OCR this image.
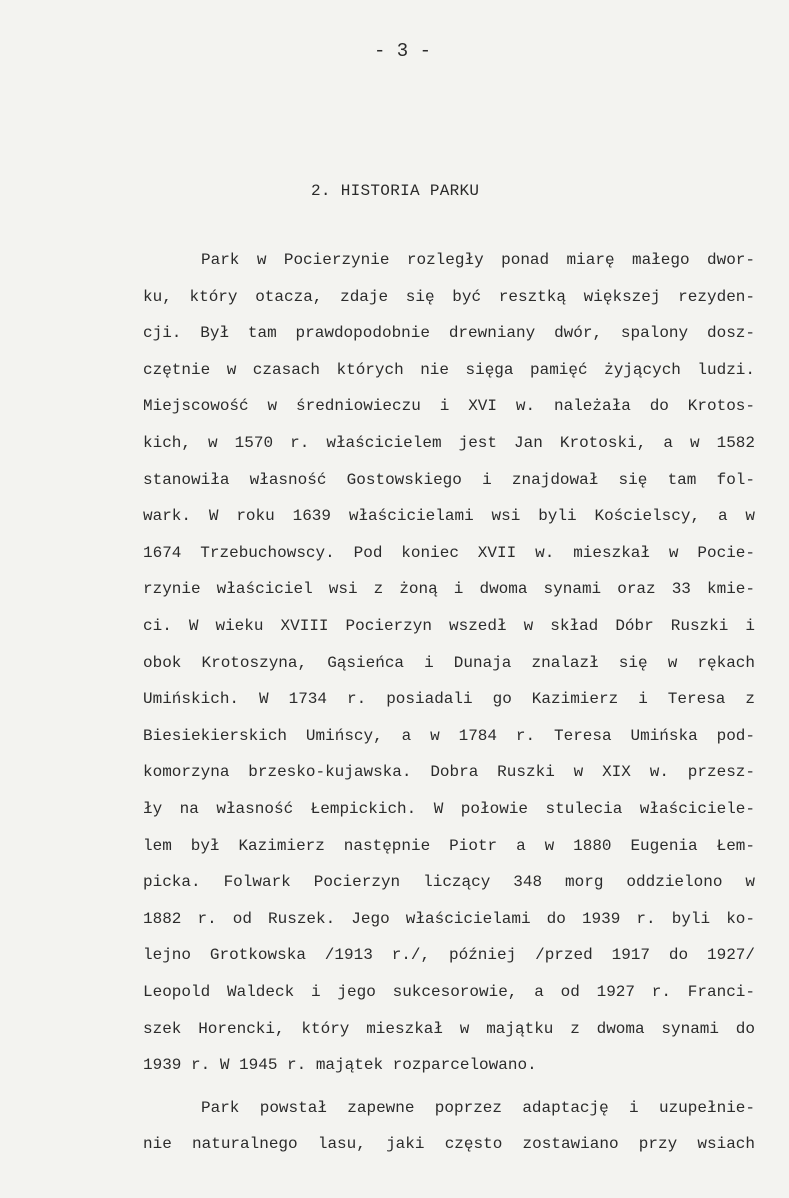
- 3 -
2. HISTORIA PARKU
Park w Pocierzynie rozległy ponad miarę małego dwor-
ku, który otacza, zdaje się być resztką większej rezyden-
cji. Był tam prawdopodobnie drewniany dwór, spalony dosz-
czętnie w czasach których nie sięga pamięć żyjących ludzi.
Miejscowość w średniowieczu i XVI w. należała do Krotos-
kich, w 1570 r. właścicielem jest Jan Krotoski, a w 1582
stanowiła własność Gostowskiego i znajdował się tam fol-
wark. W roku 1639 właścicielami wsi byli Kościelscy, a w
1674 Trzebuchowscy. Pod koniec XVII w. mieszkał w Pocie-
rzynie właściciel wsi z żoną i dwoma synami oraz 33 kmie-
ci. W wieku XVIII Pocierzyn wszedł w skład Dóbr Ruszki i
obok Krotoszyna, Gąsieńca i Dunaja znalazł się w rękach
Umińskich. W 1734 r. posiadali go Kazimierz i Teresa z
Biesiekierskich Umińscy, a w 1784 r. Teresa Umińska pod-
komorzyna brzesko-kujawska. Dobra Ruszki w XIX w. przesz-
ły na własność Łempickich. W połowie stulecia właściciele-
lem był Kazimierz następnie Piotr a w 1880 Eugenia Łem-
picka. Folwark Pocierzyn liczący 348 morg oddzielono w
1882 r. od Ruszek. Jego właścicielami do 1939 r. byli ko-
lejno Grotkowska /1913 r./, później /przed 1917 do 1927/
Leopold Waldeck i jego sukcesorowie, a od 1927 r. Franci-
szek Horencki, który mieszkał w majątku z dwoma synami do
1939 r. W 1945 r. majątek rozparcelowano.
Park powstał zapewne poprzez adaptację i uzupełnie-
nie naturalnego lasu, jaki często zostawiano przy wsiach
